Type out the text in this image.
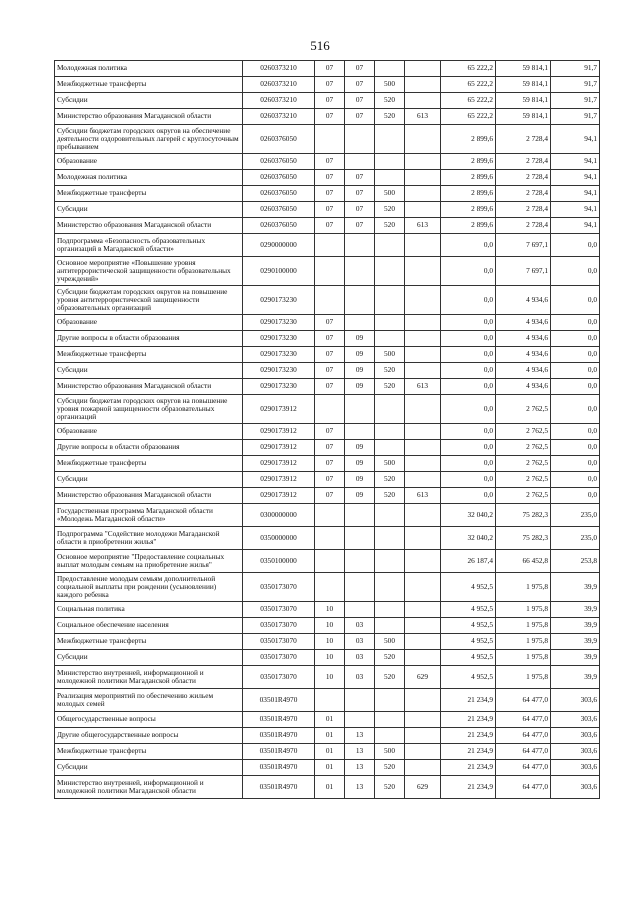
516
Молодежная политика	0260373210	07	07			65 222,2	59 814,1	91,7
Межбюджетные трансферты	0260373210	07	07	500		65 222,2	59 814,1	91,7
Субсидии	0260373210	07	07	520		65 222,2	59 814,1	91,7
Министерство образования Магаданской области	0260373210	07	07	520	613	65 222,2	59 814,1	91,7
Субсидии бюджетам городских округов на обеспечение деятельности оздоровительных лагерей с круглосуточным пребыванием	0260376050					2 899,6	2 728,4	94,1
Образование	0260376050	07				2 899,6	2 728,4	94,1
Молодежная политика	0260376050	07	07			2 899,6	2 728,4	94,1
Межбюджетные трансферты	0260376050	07	07	500		2 899,6	2 728,4	94,1
Субсидии	0260376050	07	07	520		2 899,6	2 728,4	94,1
Министерство образования Магаданской области	0260376050	07	07	520	613	2 899,6	2 728,4	94,1
Подпрограмма «Безопасность образовательных организаций в Магаданской области»	0290000000					0,0	7 697,1	0,0
Основное мероприятие «Повышение уровня антитеррористической защищенности образовательных учреждений»	0290100000					0,0	7 697,1	0,0
Субсидии бюджетам городских округов на повышение уровня антитеррористической защищенности образовательных организаций	0290173230					0,0	4 934,6	0,0
Образование	0290173230	07				0,0	4 934,6	0,0
Другие вопросы в области образования	0290173230	07	09			0,0	4 934,6	0,0
Межбюджетные трансферты	0290173230	07	09	500		0,0	4 934,6	0,0
Субсидии	0290173230	07	09	520		0,0	4 934,6	0,0
Министерство образования Магаданской области	0290173230	07	09	520	613	0,0	4 934,6	0,0
Субсидии бюджетам городских округов на повышение уровня пожарной защищенности образовательных организаций	0290173912					0,0	2 762,5	0,0
Образование	0290173912	07				0,0	2 762,5	0,0
Другие вопросы в области образования	0290173912	07	09			0,0	2 762,5	0,0
Межбюджетные трансферты	0290173912	07	09	500		0,0	2 762,5	0,0
Субсидии	0290173912	07	09	520		0,0	2 762,5	0,0
Министерство образования Магаданской области	0290173912	07	09	520	613	0,0	2 762,5	0,0
Государственная программа Магаданской области «Молодежь Магаданской области»	0300000000					32 040,2	75 282,3	235,0
Подпрограмма "Содействие молодежи Магаданской области в приобретении жилья"	0350000000					32 040,2	75 282,3	235,0
Основное мероприятие "Предоставление социальных выплат молодым семьям на приобретение жилья"	0350100000					26 187,4	66 452,8	253,8
Предоставление молодым семьям дополнительной социальной выплаты при рождении (усыновлении) каждого ребенка	0350173070					4 952,5	1 975,8	39,9
Социальная политика	0350173070	10				4 952,5	1 975,8	39,9
Социальное обеспечение населения	0350173070	10	03			4 952,5	1 975,8	39,9
Межбюджетные трансферты	0350173070	10	03	500		4 952,5	1 975,8	39,9
Субсидии	0350173070	10	03	520		4 952,5	1 975,8	39,9
Министерство внутренней, информационной и молодежной политики Магаданской области	0350173070	10	03	520	629	4 952,5	1 975,8	39,9
Реализация мероприятий по обеспечению жильем молодых семей	03501R4970					21 234,9	64 477,0	303,6
Общегосударственные вопросы	03501R4970	01				21 234,9	64 477,0	303,6
Другие общегосударственные вопросы	03501R4970	01	13			21 234,9	64 477,0	303,6
Межбюджетные трансферты	03501R4970	01	13	500		21 234,9	64 477,0	303,6
Субсидии	03501R4970	01	13	520		21 234,9	64 477,0	303,6
Министерство внутренней, информационной и молодежной политики Магаданской области	03501R4970	01	13	520	629	21 234,9	64 477,0	303,6
